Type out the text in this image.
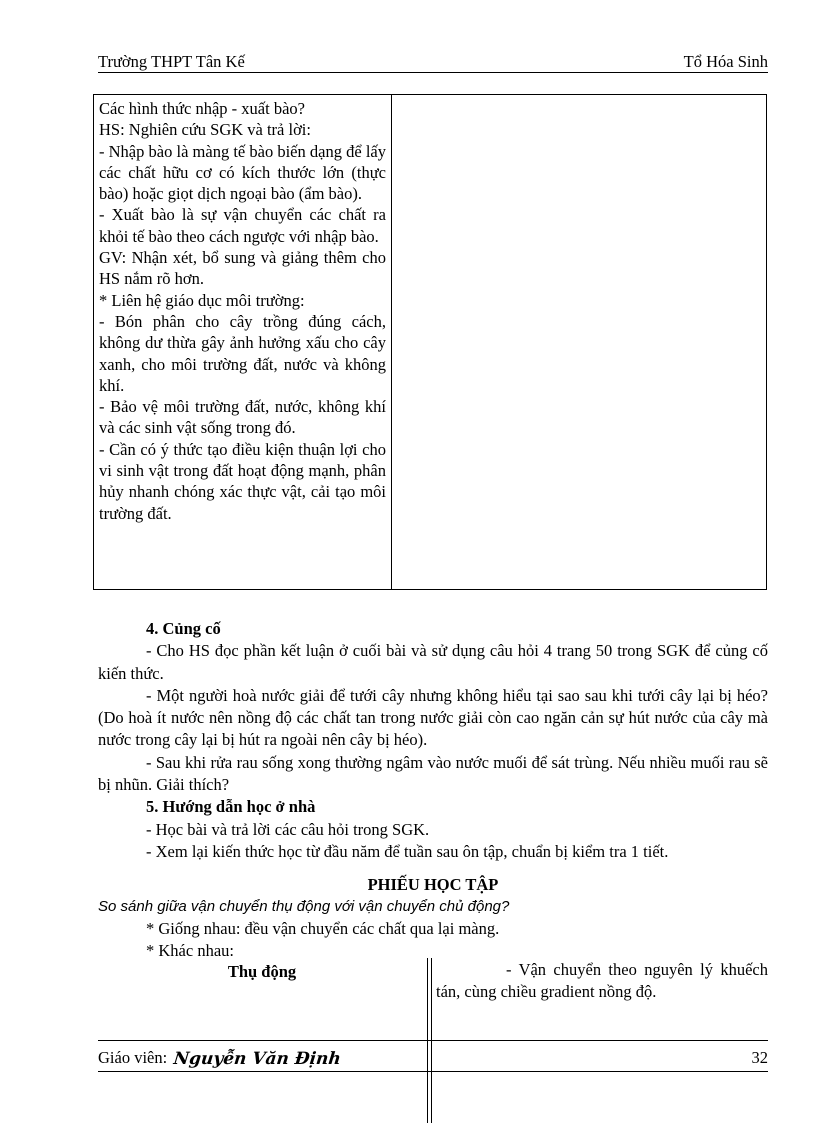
Trường THPT Tân Kế	Tổ Hóa Sinh
Các hình thức nhập - xuất bào?
HS: Nghiên cứu SGK và trả lời:
- Nhập bào là màng tế bào biến dạng để lấy các chất hữu cơ có kích thước lớn (thực bào) hoặc giọt dịch ngoại bào (ẩm bào).
- Xuất bào là sự vận chuyển các chất ra khỏi tế bào theo cách ngược với nhập bào.
GV: Nhận xét, bổ sung và giảng thêm cho HS nắm rõ hơn.
* Liên hệ giáo dục môi trường:
- Bón phân cho cây trồng đúng cách, không dư thừa gây ảnh hưởng xấu cho cây xanh, cho môi trường đất, nước và không khí.
- Bảo vệ môi trường đất, nước, không khí và các sinh vật sống trong đó.
- Cần có ý thức tạo điều kiện thuận lợi cho vi sinh vật trong đất hoạt động mạnh, phân hủy nhanh chóng xác thực vật, cải tạo môi trường đất.

4. Củng cố

- Cho HS đọc phần kết luận ở cuối bài và sử dụng câu hỏi 4 trang 50 trong SGK để củng cố kiến thức.

- Một người hoà nước giải để tưới cây nhưng không hiểu tại sao sau khi tưới cây lại bị héo? (Do hoà ít nước nên nồng độ các chất tan trong nước giải còn cao ngăn cản sự hút nước của cây mà nước trong cây lại bị hút ra ngoài nên cây bị héo).

- Sau khi rửa rau sống xong thường ngâm vào nước muối để sát trùng. Nếu nhiều muối rau sẽ bị nhũn. Giải thích?

5. Hướng dẫn học ở nhà

- Học bài và trả lời các câu hỏi trong SGK.

- Xem lại kiến thức học từ đầu năm để tuần sau ôn tập, chuẩn bị kiểm tra 1 tiết.

PHIẾU HỌC TẬP
So sánh giữa vận chuyển thụ động với vận chuyển chủ động?
* Giống nhau: đều vận chuyển các chất qua lại màng.
* Khác nhau:
Thụ động	- Vận chuyển theo nguyên lý khuếch tán, cùng chiều gradient nồng độ.

Giáo viên: Nguyễn Văn Định	32
